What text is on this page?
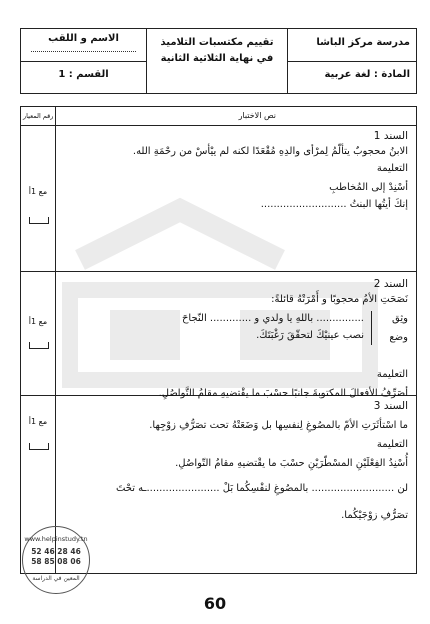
مدرسة مركز الباشا
المادة : لغة عربية
تقييم مكتسبات التلاميذ
في نهاية الثلاثية الثانية
الاسم و اللقب
القسم : 1
نص الاختبار
رقم المعيار
السند 1
الابنُ محجوبٌ يتألّمُ لِمرْأى والدِهِ مُقْعَدًا لكنه لم ييْأسْ من رحْمَةِ الله.
التعليمة
أسْنِدْ إلى المُخاطبِ
إنكَ أيتُها البنتُ ...........................
مع 1أ
السند 2
نَصَحَتِ الأمُ محجوبًا و أَمْرَتْهُ قائلةً:
وثِق
وضع
............... باللهِ يا ولدي و ............. النّجاحَ
نصب عينيْكَ لتحقّقَ رَغْبَتَكَ.
التعليمة
أصَرِّفُ الأفعالَ المكتوبةَ جانبًا حسْبَ ما يقْتضيهِ مقامُ التَّواصُلِ.
مع 1أ
السند 3
ما اسْتأثَرَتِ الأمّ بالمصُوغِ لِنفسِها بل وَضَعَتْهُ تحت تصَرُّفِ زوْجِها.
التعليمة
أُسْنِدُ الفِعْلَيْنِ المسْطّرَيْنِ حسْبَ ما يقْتضيهِ مقامُ التّواصُلِ.
لن .......................... بالمصُوغِ لنفْسِكُما بَلْ .......................ـه تحْتَ
تصَرُّفِ زوْجَيْكُما.
مع 1أ
www.helpinstudy.tn
52 46 28 46
58 85 08 06
المعين في الدراسة
60
